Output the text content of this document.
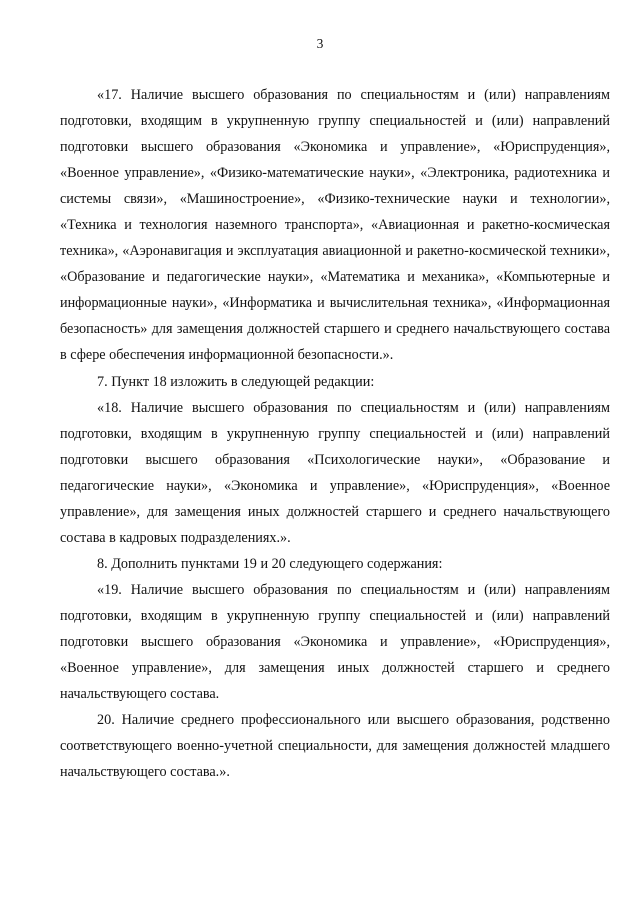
3

«17. Наличие высшего образования по специальностям и (или) направлениям подготовки, входящим в укрупненную группу специальностей и (или) направлений подготовки высшего образования «Экономика и управление», «Юриспруденция», «Военное управление», «Физико-математические науки», «Электроника, радиотехника и системы связи», «Машиностроение», «Физико-технические науки и технологии», «Техника и технология наземного транспорта», «Авиационная и ракетно-космическая техника», «Аэронавигация и эксплуатация авиационной и ракетно-космической техники», «Образование и педагогические науки», «Математика и механика», «Компьютерные и информационные науки», «Информатика и вычислительная техника», «Информационная безопасность» для замещения должностей старшего и среднего начальствующего состава в сфере обеспечения информационной безопасности.».

7. Пункт 18 изложить в следующей редакции:

«18. Наличие высшего образования по специальностям и (или) направлениям подготовки, входящим в укрупненную группу специальностей и (или) направлений подготовки высшего образования «Психологические науки», «Образование и педагогические науки», «Экономика и управление», «Юриспруденция», «Военное управление», для замещения иных должностей старшего и среднего начальствующего состава в кадровых подразделениях.».

8. Дополнить пунктами 19 и 20 следующего содержания:

«19. Наличие высшего образования по специальностям и (или) направлениям подготовки, входящим в укрупненную группу специальностей и (или) направлений подготовки высшего образования «Экономика и управление», «Юриспруденция», «Военное управление», для замещения иных должностей старшего и среднего начальствующего состава.

20. Наличие среднего профессионального или высшего образования, родственно соответствующего военно-учетной специальности, для замещения должностей младшего начальствующего состава.».
